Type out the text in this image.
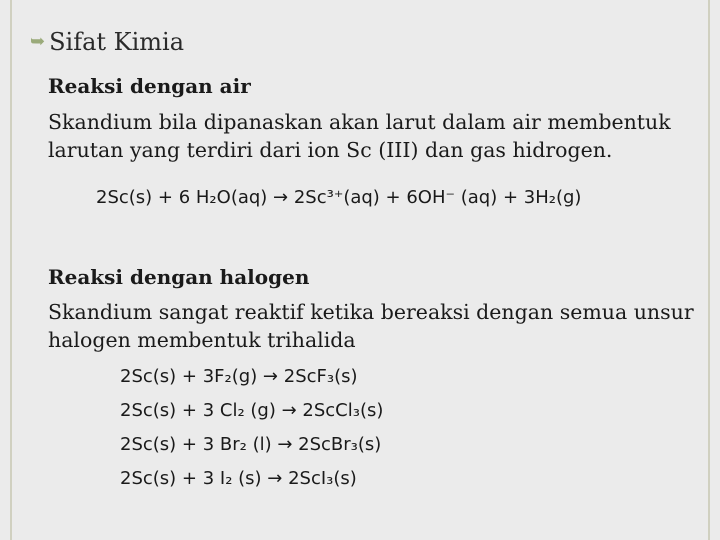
➥ Sifat Kimia
Reaksi dengan air
Skandium bila dipanaskan akan larut dalam air membentuk larutan yang terdiri dari ion Sc (III) dan gas hidrogen.
2Sc(s) + 6 H₂O(aq) → 2Sc³⁺(aq) + 6OH⁻ (aq) + 3H₂(g)
Reaksi dengan halogen
Skandium sangat reaktif ketika bereaksi dengan semua unsur halogen membentuk trihalida
2Sc(s) + 3F₂(g) → 2ScF₃(s)
2Sc(s) + 3 Cl₂ (g) → 2ScCl₃(s)
2Sc(s) + 3 Br₂ (l) → 2ScBr₃(s)
2Sc(s) + 3 I₂ (s) → 2ScI₃(s)
